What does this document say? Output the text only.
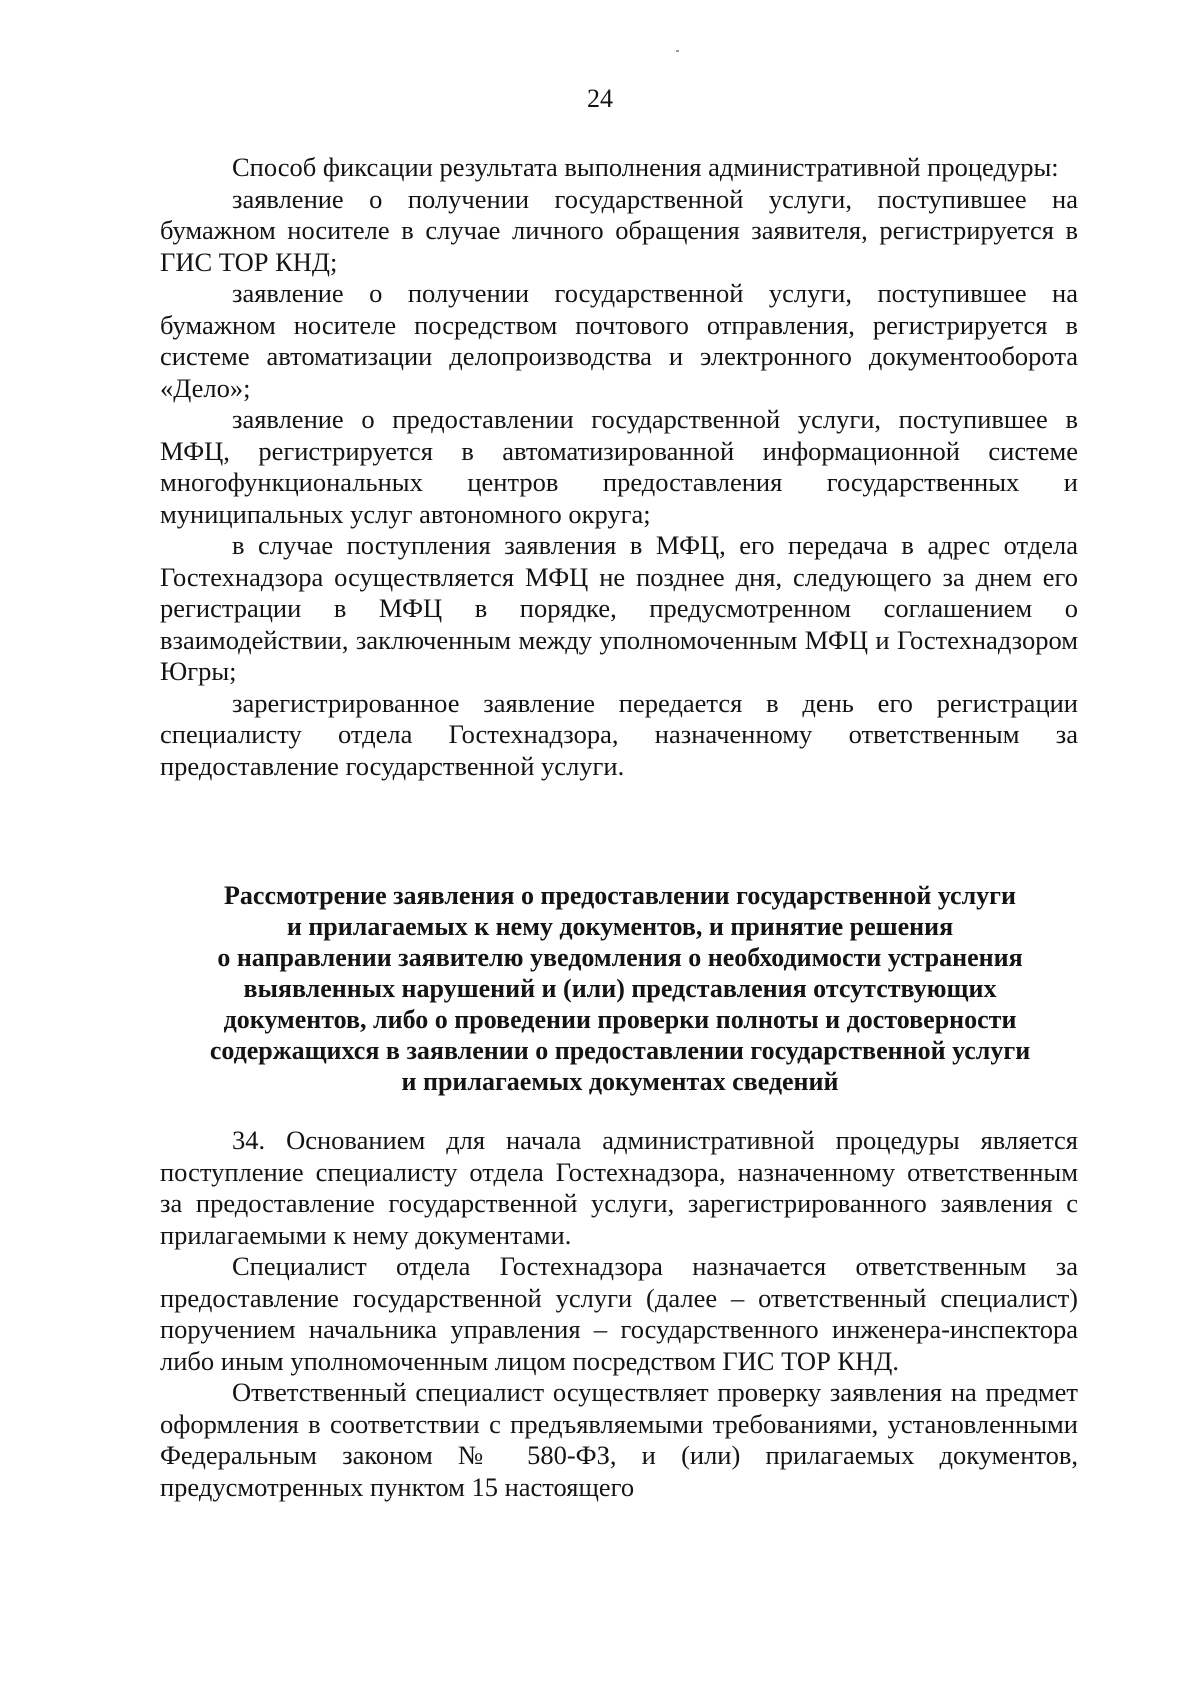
24

Способ фиксации результата выполнения административной процедуры:

заявление о получении государственной услуги, поступившее на бумажном носителе в случае личного обращения заявителя, регистрируется в ГИС ТОР КНД;

заявление о получении государственной услуги, поступившее на бумажном носителе посредством почтового отправления, регистрируется в системе автоматизации делопроизводства и электронного документооборота «Дело»;

заявление о предоставлении государственной услуги, поступившее в МФЦ, регистрируется в автоматизированной информационной системе многофункциональных центров предоставления государственных и муниципальных услуг автономного округа;

в случае поступления заявления в МФЦ, его передача в адрес отдела Гостехнадзора осуществляется МФЦ не позднее дня, следующего за днем его регистрации в МФЦ в порядке, предусмотренном соглашением о взаимодействии, заключенным между уполномоченным МФЦ и Гостехнадзором Югры;

зарегистрированное заявление передается в день его регистрации специалисту отдела Гостехнадзора, назначенному ответственным за предоставление государственной услуги.

Рассмотрение заявления о предоставлении государственной услуги
и прилагаемых к нему документов, и принятие решения
о направлении заявителю уведомления о необходимости устранения
выявленных нарушений и (или) представления отсутствующих
документов, либо о проведении проверки полноты и достоверности
содержащихся в заявлении о предоставлении государственной услуги
и прилагаемых документах сведений

34. Основанием для начала административной процедуры является поступление специалисту отдела Гостехнадзора, назначенному ответственным за предоставление государственной услуги, зарегистрированного заявления с прилагаемыми к нему документами.

Специалист отдела Гостехнадзора назначается ответственным за предоставление государственной услуги (далее – ответственный специалист) поручением начальника управления – государственного инженера-инспектора либо иным уполномоченным лицом посредством ГИС ТОР КНД.

Ответственный специалист осуществляет проверку заявления на предмет оформления в соответствии с предъявляемыми требованиями, установленными Федеральным законом № 580-ФЗ, и (или) прилагаемых документов, предусмотренных пунктом 15 настоящего
